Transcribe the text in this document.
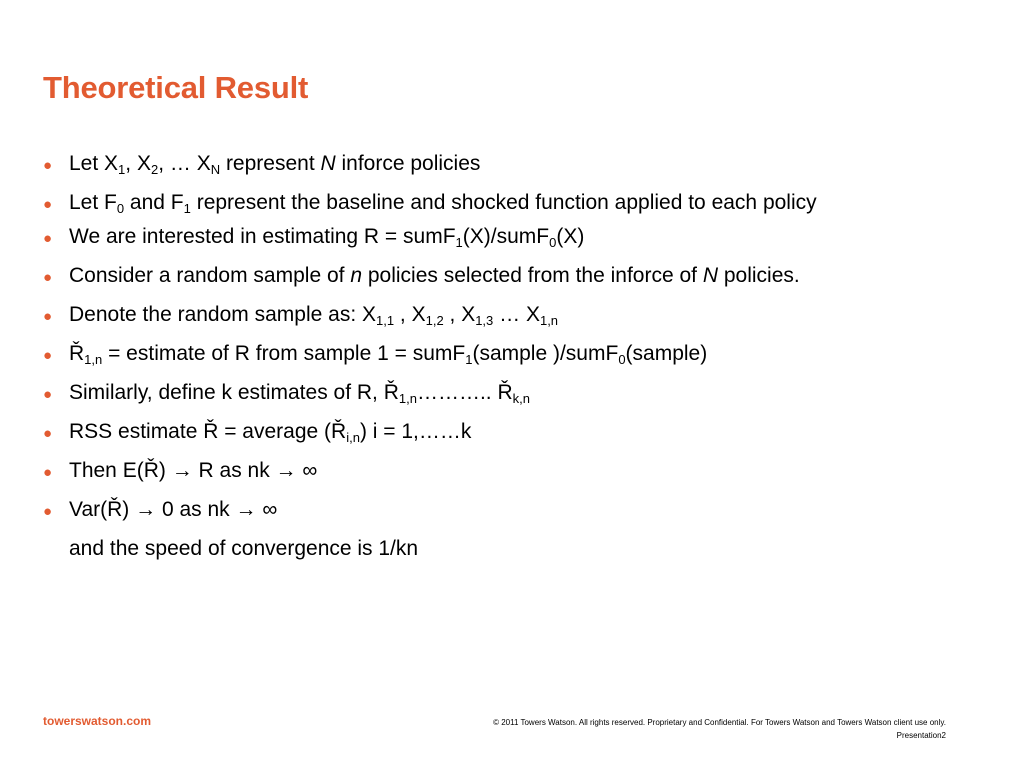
Theoretical Result
● Let $X_1$, $X_2$, … $X_N$ represent N inforce policies
● Let $F_0$ and $F_1$ represent the baseline and shocked function applied to each policy
● We are interested in estimating R = sumF$_1$(X)/sumF$_0$(X)
● Consider a random sample of n policies selected from the inforce of N policies.
● Denote the random sample as: $X_{1,1}$ , $X_{1,2}$ , $X_{1,3}$ … $X_{1,n}$
● $Ř_{1,n}$ = estimate of R from sample 1 = sumF$_1$(sample )/sumF$_0$(sample)
● Similarly, define k estimates of R, $Ř_{1,n}\dots\dots\dots$.. $Ř_{k,n}$
● RSS estimate Ř = average $(Ř_{i,n}) i$ = 1,……k
● Then E(Ř) → R as nk → ∞
● Var(Ř) → 0 as nk → ∞
and the speed of convergence is 1/kn
towerswatson.com	© 2011 Towers Watson. All rights reserved. Proprietary and Confidential. For Towers Watson and Towers Watson client use only.
Presentation2
